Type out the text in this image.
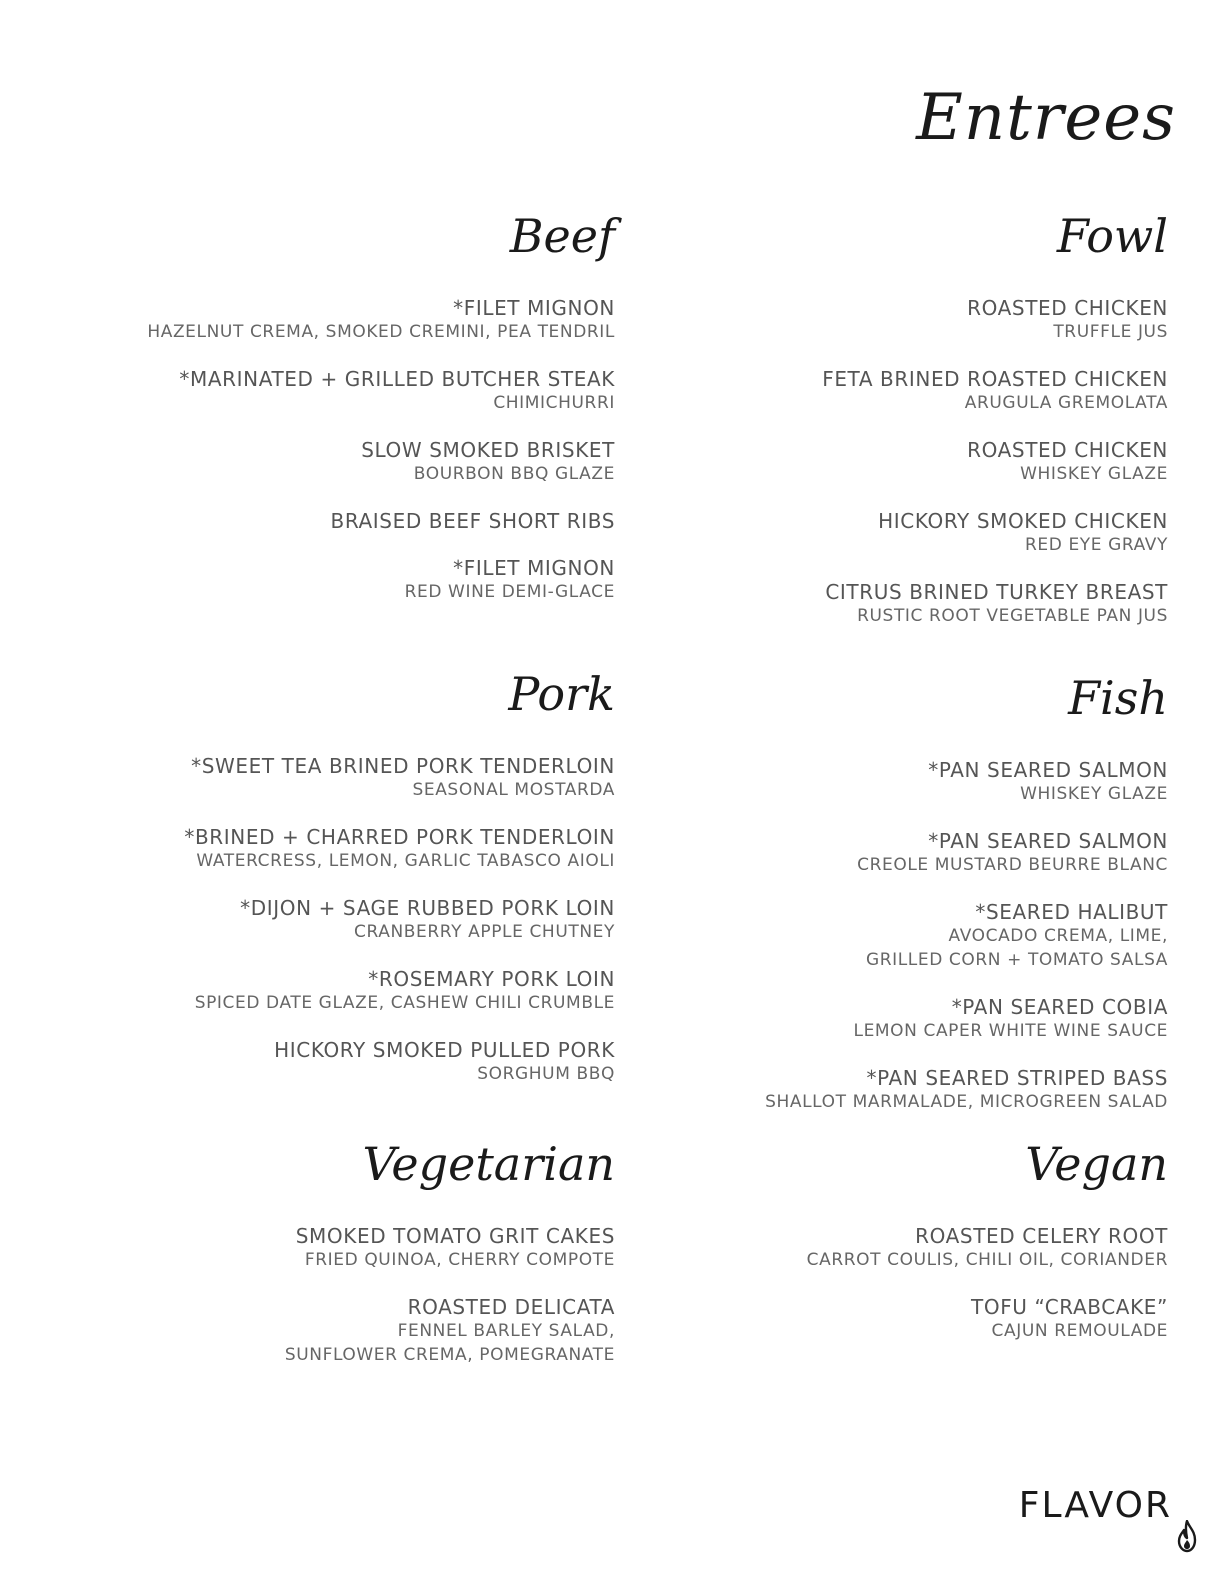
Entrees
Beef
*FILET MIGNON
HAZELNUT CREMA, SMOKED CREMINI, PEA TENDRIL
*MARINATED + GRILLED BUTCHER STEAK
CHIMICHURRI
SLOW SMOKED BRISKET
BOURBON BBQ GLAZE
BRAISED BEEF SHORT RIBS
*FILET MIGNON
RED WINE DEMI-GLACE
Fowl
ROASTED CHICKEN
TRUFFLE JUS
FETA BRINED ROASTED CHICKEN
ARUGULA GREMOLATA
ROASTED CHICKEN
WHISKEY GLAZE
HICKORY SMOKED CHICKEN
RED EYE GRAVY
CITRUS BRINED TURKEY BREAST
RUSTIC ROOT VEGETABLE PAN JUS
Pork
*SWEET TEA BRINED PORK TENDERLOIN
SEASONAL MOSTARDA
*BRINED + CHARRED PORK TENDERLOIN
WATERCRESS, LEMON, GARLIC TABASCO AIOLI
*DIJON + SAGE RUBBED PORK LOIN
CRANBERRY APPLE CHUTNEY
*ROSEMARY PORK LOIN
SPICED DATE GLAZE, CASHEW CHILI CRUMBLE
HICKORY SMOKED PULLED PORK
SORGHUM BBQ
Fish
*PAN SEARED SALMON
WHISKEY GLAZE
*PAN SEARED SALMON
CREOLE MUSTARD BEURRE BLANC
*SEARED HALIBUT
AVOCADO CREMA, LIME,
GRILLED CORN + TOMATO SALSA
*PAN SEARED COBIA
LEMON CAPER WHITE WINE SAUCE
*PAN SEARED STRIPED BASS
SHALLOT MARMALADE, MICROGREEN SALAD
Vegetarian
SMOKED TOMATO GRIT CAKES
FRIED QUINOA, CHERRY COMPOTE
ROASTED DELICATA
FENNEL BARLEY SALAD,
SUNFLOWER CREMA, POMEGRANATE
Vegan
ROASTED CELERY ROOT
CARROT COULIS, CHILI OIL, CORIANDER
TOFU “CRABCAKE”
CAJUN REMOULADE
FLAVOR
